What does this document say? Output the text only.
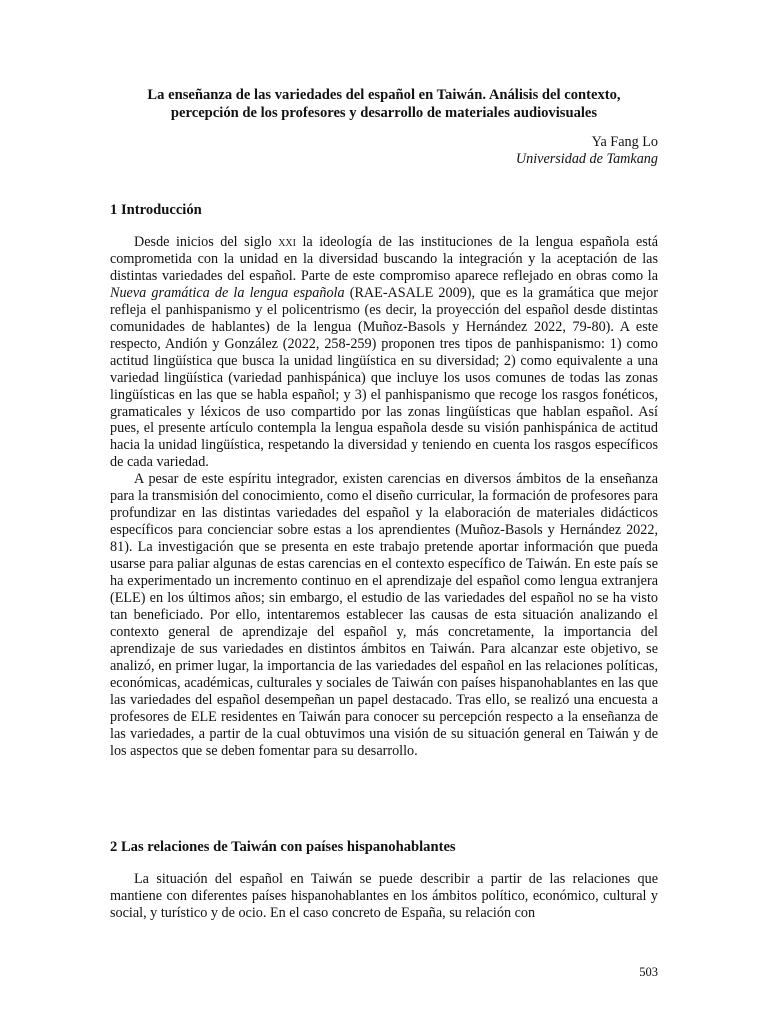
La enseñanza de las variedades del español en Taiwán. Análisis del contexto,
percepción de los profesores y desarrollo de materiales audiovisuales
Ya Fang Lo
Universidad de Tamkang
1 Introducción

Desde inicios del siglo xxi la ideología de las instituciones de la lengua española está comprometida con la unidad en la diversidad buscando la integración y la aceptación de las distintas variedades del español. Parte de este compromiso aparece reflejado en obras como la Nueva gramática de la lengua española (RAE-ASALE 2009), que es la gramática que mejor refleja el panhispanismo y el policentrismo (es decir, la proyección del español desde distintas comunidades de hablantes) de la lengua (Muñoz-Basols y Hernández 2022, 79-80). A este respecto, Andión y González (2022, 258-259) proponen tres tipos de panhispanismo: 1) como actitud lingüística que busca la unidad lingüística en su diversidad; 2) como equivalente a una variedad lingüística (variedad panhispánica) que incluye los usos comunes de todas las zonas lingüísticas en las que se habla español; y 3) el panhispanismo que recoge los rasgos fonéticos, gramaticales y léxicos de uso compartido por las zonas lingüísticas que hablan español. Así pues, el presente artículo contempla la lengua española desde su visión panhispánica de actitud hacia la unidad lingüística, respetando la diversidad y teniendo en cuenta los rasgos específicos de cada variedad.

A pesar de este espíritu integrador, existen carencias en diversos ámbitos de la enseñanza para la transmisión del conocimiento, como el diseño curricular, la formación de profesores para profundizar en las distintas variedades del español y la elaboración de materiales didácticos específicos para concienciar sobre estas a los aprendientes (Muñoz-Basols y Hernández 2022, 81). La investigación que se presenta en este trabajo pretende aportar información que pueda usarse para paliar algunas de estas carencias en el contexto específico de Taiwán. En este país se ha experimentado un incremento continuo en el aprendizaje del español como lengua extranjera (ELE) en los últimos años; sin embargo, el estudio de las variedades del español no se ha visto tan beneficiado. Por ello, intentaremos establecer las causas de esta situación analizando el contexto general de aprendizaje del español y, más concretamente, la importancia del aprendizaje de sus variedades en distintos ámbitos en Taiwán. Para alcanzar este objetivo, se analizó, en primer lugar, la importancia de las variedades del español en las relaciones políticas, económicas, académicas, culturales y sociales de Taiwán con países hispanohablantes en las que las variedades del español desempeñan un papel destacado. Tras ello, se realizó una encuesta a profesores de ELE residentes en Taiwán para conocer su percepción respecto a la enseñanza de las variedades, a partir de la cual obtuvimos una visión de su situación general en Taiwán y de los aspectos que se deben fomentar para su desarrollo.

2 Las relaciones de Taiwán con países hispanohablantes

La situación del español en Taiwán se puede describir a partir de las relaciones que mantiene con diferentes países hispanohablantes en los ámbitos político, económico, cultural y social, y turístico y de ocio. En el caso concreto de España, su relación con

503
